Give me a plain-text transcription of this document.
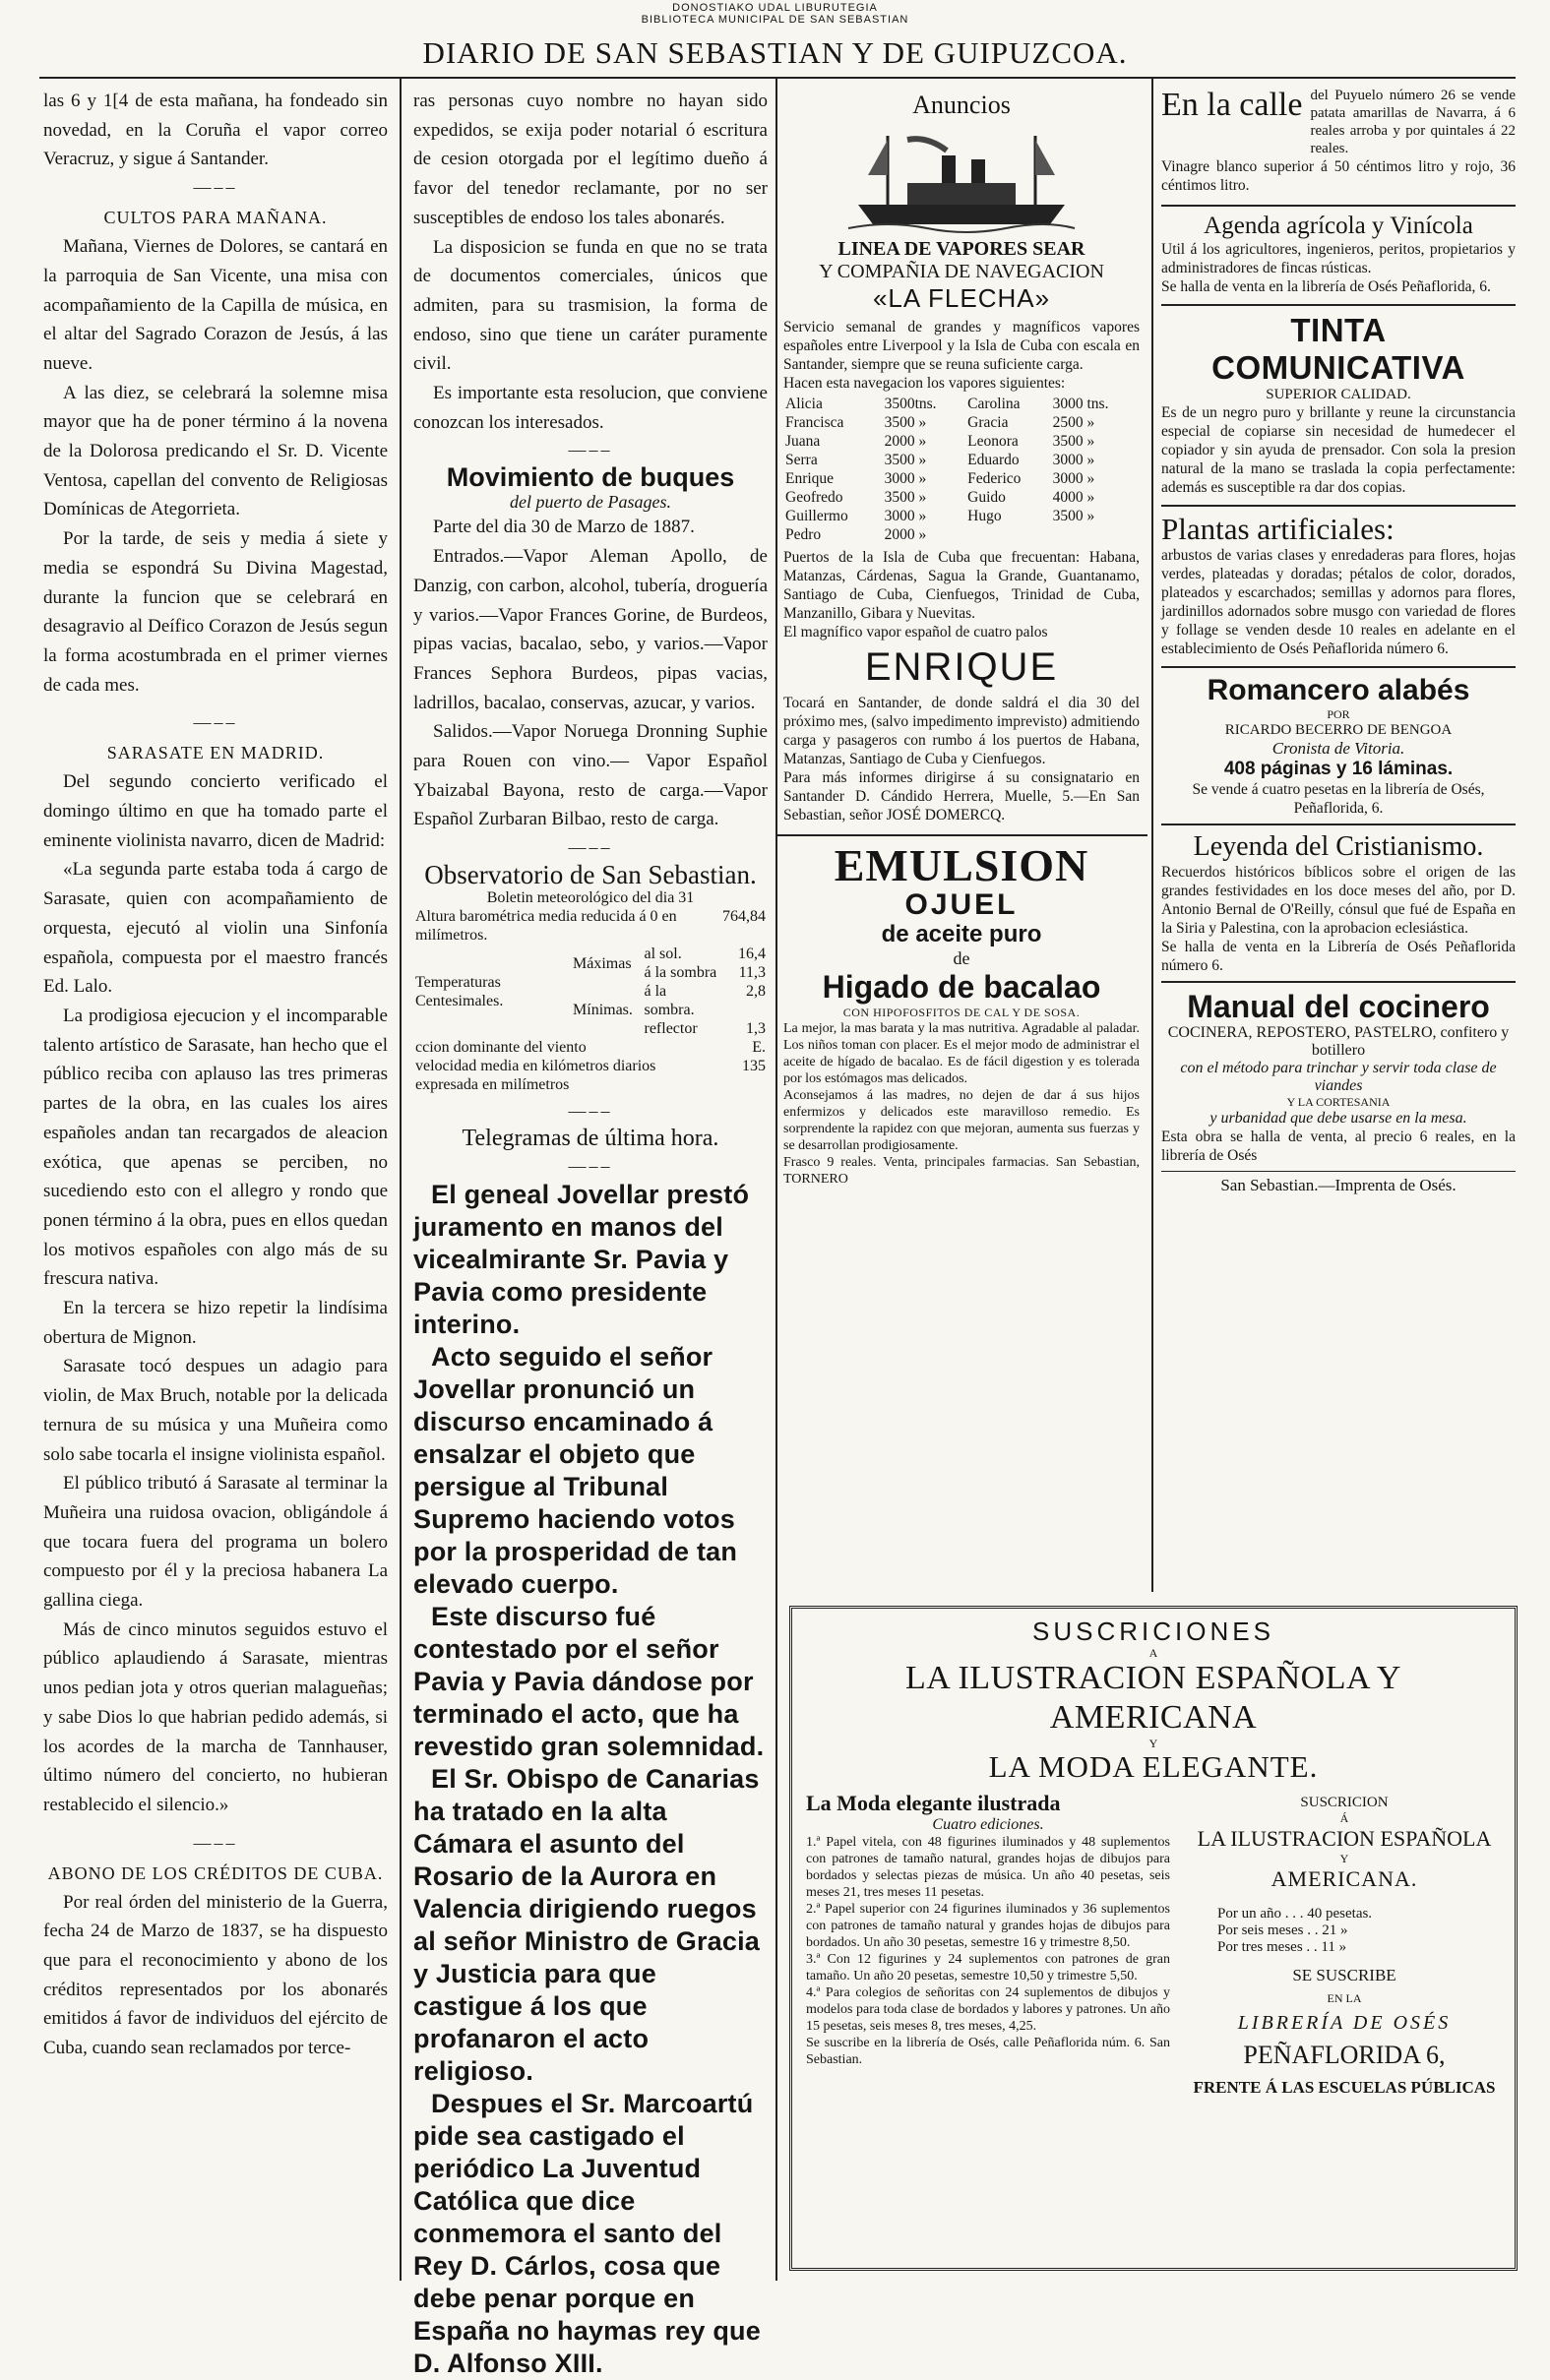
DONOSTIAKO UDAL LIBURUTEGIA
BIBLIOTECA MUNICIPAL DE SAN SEBASTIAN
DIARIO DE SAN SEBASTIAN Y DE GUIPUZCOA.

las 6 y 1[4 de esta mañana, ha fondeado sin novedad, en la Coruña el vapor correo Veracruz, y sigue á Santander.

—––
CULTOS PARA MAÑANA.

Mañana, Viernes de Dolores, se cantará en la parroquia de San Vicente, una misa con acompañamiento de la Capilla de música, en el altar del Sagrado Corazon de Jesús, á las nueve.

A las diez, se celebrará la solemne misa mayor que ha de poner término á la novena de la Dolorosa predicando el Sr. D. Vicente Ventosa, capellan del convento de Religiosas Domínicas de Ategorrieta.

Por la tarde, de seis y media á siete y media se espondrá Su Divina Magestad, durante la funcion que se celebrará en desagravio al Deífico Corazon de Jesús segun la forma acostumbrada en el primer viernes de cada mes.

—––
SARASATE EN MADRID.

Del segundo concierto verificado el domingo último en que ha tomado parte el eminente violinista navarro, dicen de Madrid:

«La segunda parte estaba toda á cargo de Sarasate, quien con acompañamiento de orquesta, ejecutó al violin una Sinfonía española, compuesta por el maestro francés Ed. Lalo.

La prodigiosa ejecucion y el incomparable talento artístico de Sarasate, han hecho que el público reciba con aplauso las tres primeras partes de la obra, en las cuales los aires españoles andan tan recargados de aleacion exótica, que apenas se perciben, no sucediendo esto con el allegro y rondo que ponen término á la obra, pues en ellos quedan los motivos españoles con algo más de su frescura nativa.

En la tercera se hizo repetir la lindísima obertura de Mignon.

Sarasate tocó despues un adagio para violin, de Max Bruch, notable por la delicada ternura de su música y una Muñeira como solo sabe tocarla el insigne violinista español.

El público tributó á Sarasate al terminar la Muñeira una ruidosa ovacion, obligándole á que tocara fuera del programa un bolero compuesto por él y la preciosa habanera La gallina ciega.

Más de cinco minutos seguidos estuvo el público aplaudiendo á Sarasate, mientras unos pedian jota y otros querian malagueñas; y sabe Dios lo que habrian pedido además, si los acordes de la marcha de Tannhauser, último número del concierto, no hubieran restablecido el silencio.»

—––
ABONO DE LOS CRÉDITOS DE CUBA.

Por real órden del ministerio de la Guerra, fecha 24 de Marzo de 1837, se ha dispuesto que para el reconocimiento y abono de los créditos representados por los abonarés emitidos á favor de individuos del ejército de Cuba, cuando sean reclamados por terce-

ras personas cuyo nombre no hayan sido expedidos, se exija poder notarial ó escritura de cesion otorgada por el legítimo dueño á favor del tenedor reclamante, por no ser susceptibles de endoso los tales abonarés.

La disposicion se funda en que no se trata de documentos comerciales, únicos que admiten, para su trasmision, la forma de endoso, sino que tiene un caráter puramente civil.

Es importante esta resolucion, que conviene conozcan los interesados.

—––
Movimiento de buques
del puerto de Pasages.

Parte del dia 30 de Marzo de 1887.

Entrados.—Vapor Aleman Apollo, de Danzig, con carbon, alcohol, tubería, droguería y varios.—Vapor Frances Gorine, de Burdeos, pipas vacias, bacalao, sebo, y varios.—Vapor Frances Sephora Burdeos, pipas vacias, ladrillos, bacalao, conservas, azucar, y varios.

Salidos.—Vapor Noruega Dronning Suphie para Rouen con vino.— Vapor Español Ybaizabal Bayona, resto de carga.—Vapor Español Zurbaran Bilbao, resto de carga.

—––
Observatorio de San Sebastian.
Boletin meteorológico del dia 31
Altura barométrica media reducida á 0 en milímetros.			764,84
Temperaturas Centesimales.	Máximas	al sol.	16,4
		á la sombra	11,3
	Mínimas.	á la sombra.	2,8
		reflector	1,3
ccion dominante del viento			E.
velocidad media en kilómetros diarios expresada en milímetros			135
—––
Telegramas de última hora.
—––

El geneal Jovellar prestó juramento en manos del vicealmirante Sr. Pavia y Pavia como presidente interino.

Acto seguido el señor Jovellar pronunció un discurso encaminado á ensalzar el objeto que persigue al Tribunal Supremo haciendo votos por la prosperidad de tan elevado cuerpo.

Este discurso fué contestado por el señor Pavia y Pavia dándose por terminado el acto, que ha revestido gran solemnidad.

El Sr. Obispo de Canarias ha tratado en la alta Cámara el asunto del Rosario de la Aurora en Valencia dirigiendo ruegos al señor Ministro de Gracia y Justicia para que castigue á los que profanaron el acto religioso.

Despues el Sr. Marcoartú pide sea castigado el periódico La Juventud Católica que dice conmemora el santo del Rey D. Cárlos, cosa que debe penar porque en España no haymas rey que D. Alfonso XIII.

Anuncios
LINEA DE VAPORES SEAR
Y COMPAÑIA DE NAVEGACION
«LA FLECHA»

Servicio semanal de grandes y magníficos vapores españoles entre Liverpool y la Isla de Cuba con escala en Santander, siempre que se reuna suficiente carga.

Hacen esta navegacion los vapores siguientes:

Alicia	3500tns.	Carolina	3000 tns.
Francisca	3500 »	Gracia	2500 »
Juana	2000 »	Leonora	3500 »
Serra	3500 »	Eduardo	3000 »
Enrique	3000 »	Federico	3000 »
Geofredo	3500 »	Guido	4000 »
Guillermo	3000 »	Hugo	3500 »
Pedro	2000 »		

Puertos de la Isla de Cuba que frecuentan: Habana, Matanzas, Cárdenas, Sagua la Grande, Guantanamo, Santiago de Cuba, Cienfuegos, Trinidad de Cuba, Manzanillo, Gibara y Nuevitas.

El magnífico vapor español de cuatro palos

ENRIQUE

Tocará en Santander, de donde saldrá el dia 30 del próximo mes, (salvo impedimento imprevisto) admitiendo carga y pasageros con rumbo á los puertos de Habana, Matanzas, Santiago de Cuba y Cienfuegos.

Para más informes dirigirse á su consignatario en Santander D. Cándido Herrera, Muelle, 5.—En San Sebastian, señor JOSÉ DOMERCQ.

EMULSION
OJUEL
de aceite puro
de
Higado de bacalao
CON HIPOFOSFITOS DE CAL Y DE SOSA.

La mejor, la mas barata y la mas nutritiva. Agradable al paladar. Los niños toman con placer. Es el mejor modo de administrar el aceite de hígado de bacalao. Es de fácil digestion y es tolerada por los estómagos mas delicados.

Aconsejamos á las madres, no dejen de dar á sus hijos enfermizos y delicados este maravilloso remedio. Es sorprendente la rapidez con que mejoran, aumenta sus fuerzas y se desarrollan prodigiosamente.

Frasco 9 reales. Venta, principales farmacias. San Sebastian, TORNERO

En la calle del Puyuelo número 26 se vende patata amarillas de Navarra, á 6 reales arroba y por quintales á 22 reales.

Vinagre blanco superior á 50 céntimos litro y rojo, 36 céntimos litro.

Agenda agrícola y Vinícola

Util á los agricultores, ingenieros, peritos, propietarios y administradores de fincas rústicas.

Se halla de venta en la librería de Osés Peñaflorida, 6.

TINTA COMUNICATIVA
SUPERIOR CALIDAD.

Es de un negro puro y brillante y reune la circunstancia especial de copiarse sin necesidad de humedecer el copiador y sin ayuda de prensador. Con sola la presion natural de la mano se traslada la copia perfectamente: además es susceptible ra dar dos copias.

Plantas artificiales:

arbustos de varias clases y enredaderas para flores, hojas verdes, plateadas y doradas; pétalos de color, dorados, plateados y escarchados; semillas y adornos para flores, jardinillos adornados sobre musgo con variedad de flores y follage se venden desde 10 reales en adelante en el establecimiento de Osés Peñaflorida número 6.

Romancero alabés
POR
RICARDO BECERRO DE BENGOA
Cronista de Vitoria.
408 páginas y 16 láminas.

Se vende á cuatro pesetas en la librería de Osés, Peñaflorida, 6.

Leyenda del Cristianismo.

Recuerdos históricos bíblicos sobre el origen de las grandes festividades en los doce meses del año, por D. Antonio Bernal de O'Reilly, cónsul que fué de España en la Siria y Palestina, con la aprobacion eclesiástica.

Se halla de venta en la Librería de Osés Peñaflorida número 6.

Manual del cocinero
COCINERA, REPOSTERO, PASTELRO, confitero y botillero
con el método para trinchar y servir toda clase de viandes
Y LA CORTESANIA
y urbanidad que debe usarse en la mesa.

Esta obra se halla de venta, al precio 6 reales, en la librería de Osés

San Sebastian.—Imprenta de Osés.
SUSCRICIONES
A
LA ILUSTRACION ESPAÑOLA Y AMERICANA
Y
LA MODA ELEGANTE.
La Moda elegante ilustrada
Cuatro ediciones.

1.ª Papel vitela, con 48 figurines iluminados y 48 suplementos con patrones de tamaño natural, grandes hojas de dibujos para bordados y selectas piezas de música. Un año 40 pesetas, seis meses 21, tres meses 11 pesetas.

2.ª Papel superior con 24 figurines iluminados y 36 suplementos con patrones de tamaño natural y grandes hojas de dibujos para bordados. Un año 30 pesetas, semestre 16 y trimestre 8,50.

3.ª Con 12 figurines y 24 suplementos con patrones de gran tamaño. Un año 20 pesetas, semestre 10,50 y trimestre 5,50.

4.ª Para colegios de señoritas con 24 suplementos de dibujos y modelos para toda clase de bordados y labores y patrones. Un año 15 pesetas, seis meses 8, tres meses, 4,25.

Se suscribe en la librería de Osés, calle Peñaflorida núm. 6. San Sebastian.

SUSCRICION
Á
LA ILUSTRACION ESPAÑOLA
Y
AMERICANA.
Por un año . . . 40 pesetas.
Por seis meses . . 21 »
Por tres meses . . 11 »
SE SUSCRIBE
EN LA
LIBRERÍA DE OSÉS
PEÑAFLORIDA 6,
FRENTE Á LAS ESCUELAS PÚBLICAS
